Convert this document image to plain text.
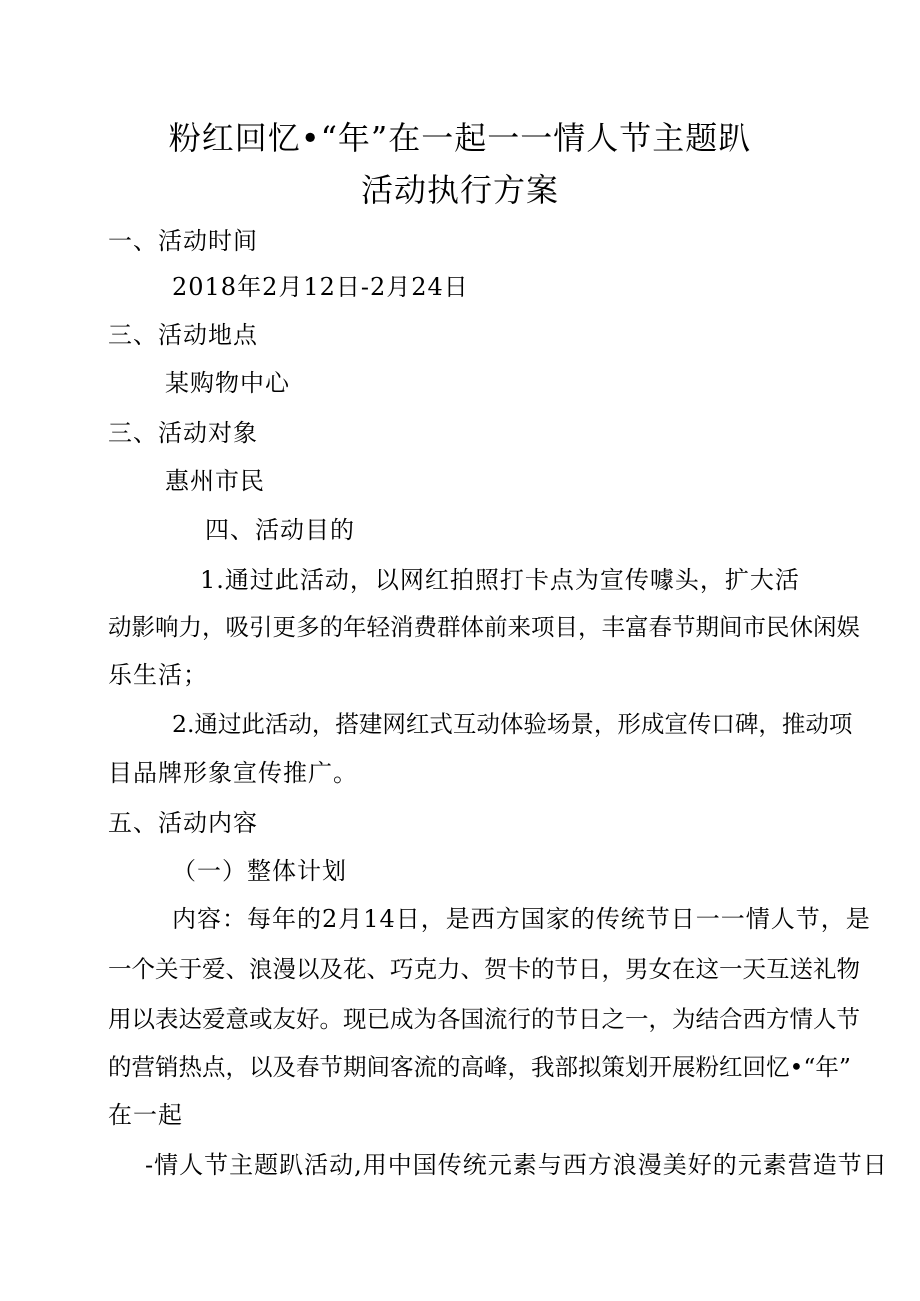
粉红回忆•“年”在一起一一情人节主题趴
活动执行方案
一、活动时间
2018年2月12日-2月24日
三、活动地点
某购物中心
三、活动对象
惠州市民
四、活动目的
1.通过此活动，以网红拍照打卡点为宣传噱头，扩大活
动影响力，吸引更多的年轻消费群体前来项目，丰富春节期间市民休闲娱
乐生活；
2.通过此活动，搭建网红式互动体验场景，形成宣传口碑，推动项
目品牌形象宣传推广。
五、活动内容
（一）整体计划
内容：每年的2月14日，是西方国家的传统节日一一情人节，是
一个关于爱、浪漫以及花、巧克力、贺卡的节日，男女在这一天互送礼物
用以表达爱意或友好。现已成为各国流行的节日之一，为结合西方情人节
的营销热点，以及春节期间客流的高峰，我部拟策划开展粉红回忆•“年”
在一起
-情人节主题趴活动,用中国传统元素与西方浪漫美好的元素营造节日
